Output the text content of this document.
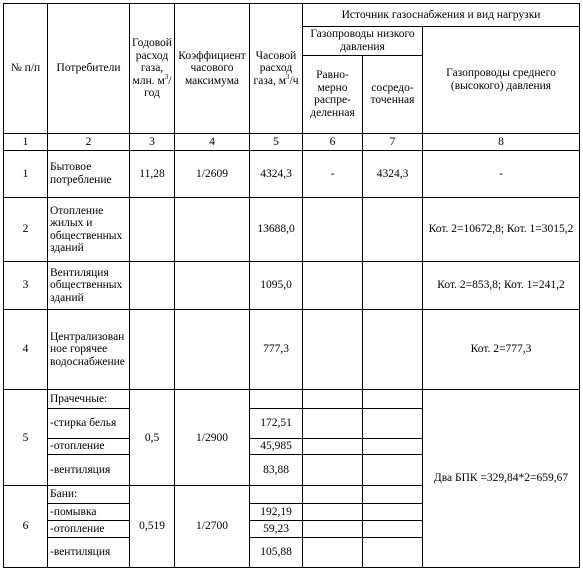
№ п/п	Потребители	Годовой расход газа, млн. $м^3$/год	Коэффициент часового максимума	Часовой расход газа, $м^3/ч$	Источник газоснабжения и вид нагрузки		
					Газопроводы низкого давления		Газопроводы среднего (высокого) давления
					Равно-мерно распре-деленная	сосредо-точенная	
1	2	3	4	5	6	7	8
1	Бытовое потребление	11,28	1/2609	4324,3	-	4324,3	-
2	Отопление жилых и общественных зданий			13688,0			Кот. 2=10672,8; Кот. 1=3015,2
3	Вентиляция общественных зданий			1095,0			Кот. 2=853,8; Кот. 1=241,2
4	Централизованное горячее водоснабжение			777,3			Кот. 2=777,3
5	Прачечные:	0,5	1/2900				Два БПК =329,84*2=659,67
	-стирка белья			172,51			
	-отопление			45,985			
	-вентиляция			83,88			
6	Бани:	0,519	1/2700				
	-помывка			192,19			
	-отопление			59,23			
	-вентиляция			105,88			
